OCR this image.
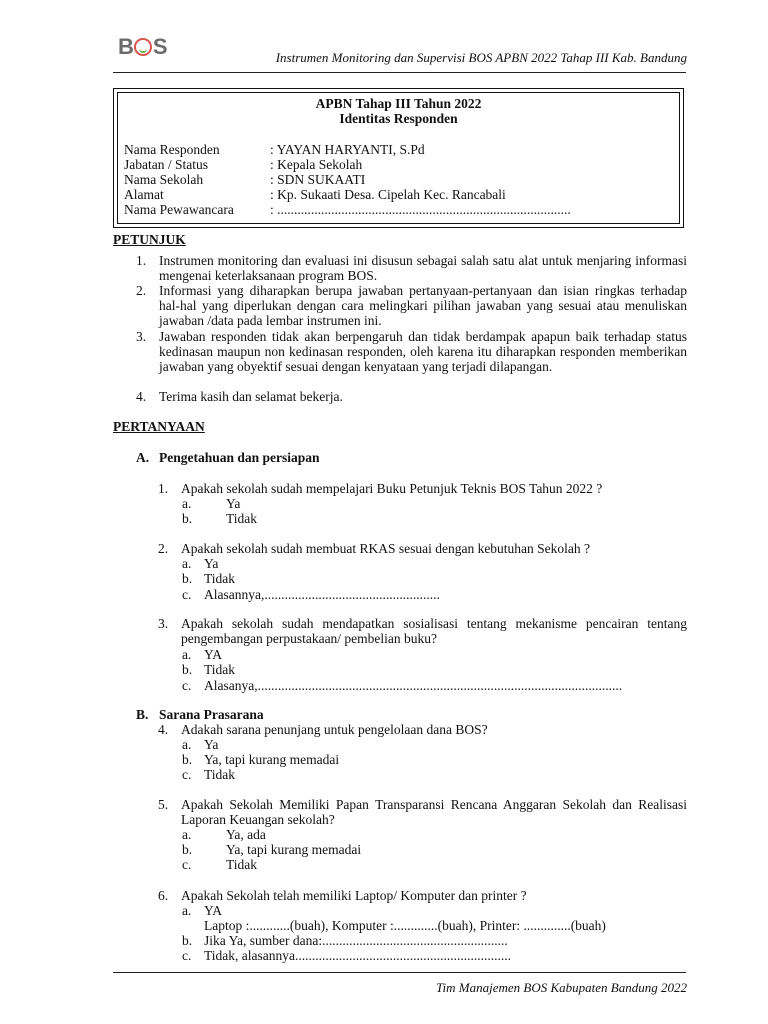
B S	Instrumen Monitoring dan Supervisi BOS APBN 2022 Tahap III Kab. Bandung
APBN Tahap III Tahun 2022
Identitas Responden
Nama Responden	: YAYAN HARYANTI, S.Pd
Jabatan / Status	: Kepala Sekolah
Nama Sekolah	: SDN SUKAATI
Alamat	: Kp. Sukaati Desa. Cipelah Kec. Rancabali
Nama Pewawancara	: .......................................................................................
PETUNJUK
1. Instrumen monitoring dan evaluasi ini disusun sebagai salah satu alat untuk menjaring informasi mengenai keterlaksanaan program BOS.
2. Informasi yang diharapkan berupa jawaban pertanyaan-pertanyaan dan isian ringkas terhadap hal-hal yang diperlukan dengan cara melingkari pilihan jawaban yang sesuai atau menuliskan jawaban /data pada lembar instrumen ini.
3. Jawaban responden tidak akan berpengaruh dan tidak berdampak apapun baik terhadap status kedinasan maupun non kedinasan responden, oleh karena itu diharapkan responden memberikan jawaban yang obyektif sesuai dengan kenyataan yang terjadi dilapangan.
4. Terima kasih dan selamat bekerja.
PERTANYAAN
A. Pengetahuan dan persiapan
1. Apakah sekolah sudah mempelajari Buku Petunjuk Teknis BOS Tahun 2022 ?
a.	Ya
b.	Tidak
2. Apakah sekolah sudah membuat RKAS sesuai dengan kebutuhan Sekolah ?
a. Ya
b. Tidak
c. Alasannya,....................................................
3. Apakah sekolah sudah mendapatkan sosialisasi tentang mekanisme pencairan tentang pengembangan perpustakaan/ pembelian buku?
a. YA
b. Tidak
c. Alasanya,............................................................................................................
B. Sarana Prasarana
4. Adakah sarana penunjang untuk pengelolaan dana BOS?
a. Ya
b. Ya, tapi kurang memadai
c. Tidak
5. Apakah Sekolah Memiliki Papan Transparansi Rencana Anggaran Sekolah dan Realisasi Laporan Keuangan sekolah?
a.	Ya, ada
b.	Ya, tapi kurang memadai
c.	Tidak
6. Apakah Sekolah telah memiliki Laptop/ Komputer dan printer ?
a. YA
Laptop :............(buah), Komputer :.............(buah), Printer: ..............(buah)
b. Jika Ya, sumber dana:.......................................................
c. Tidak, alasannya................................................................
Tim Manajemen BOS Kabupaten Bandung 2022
